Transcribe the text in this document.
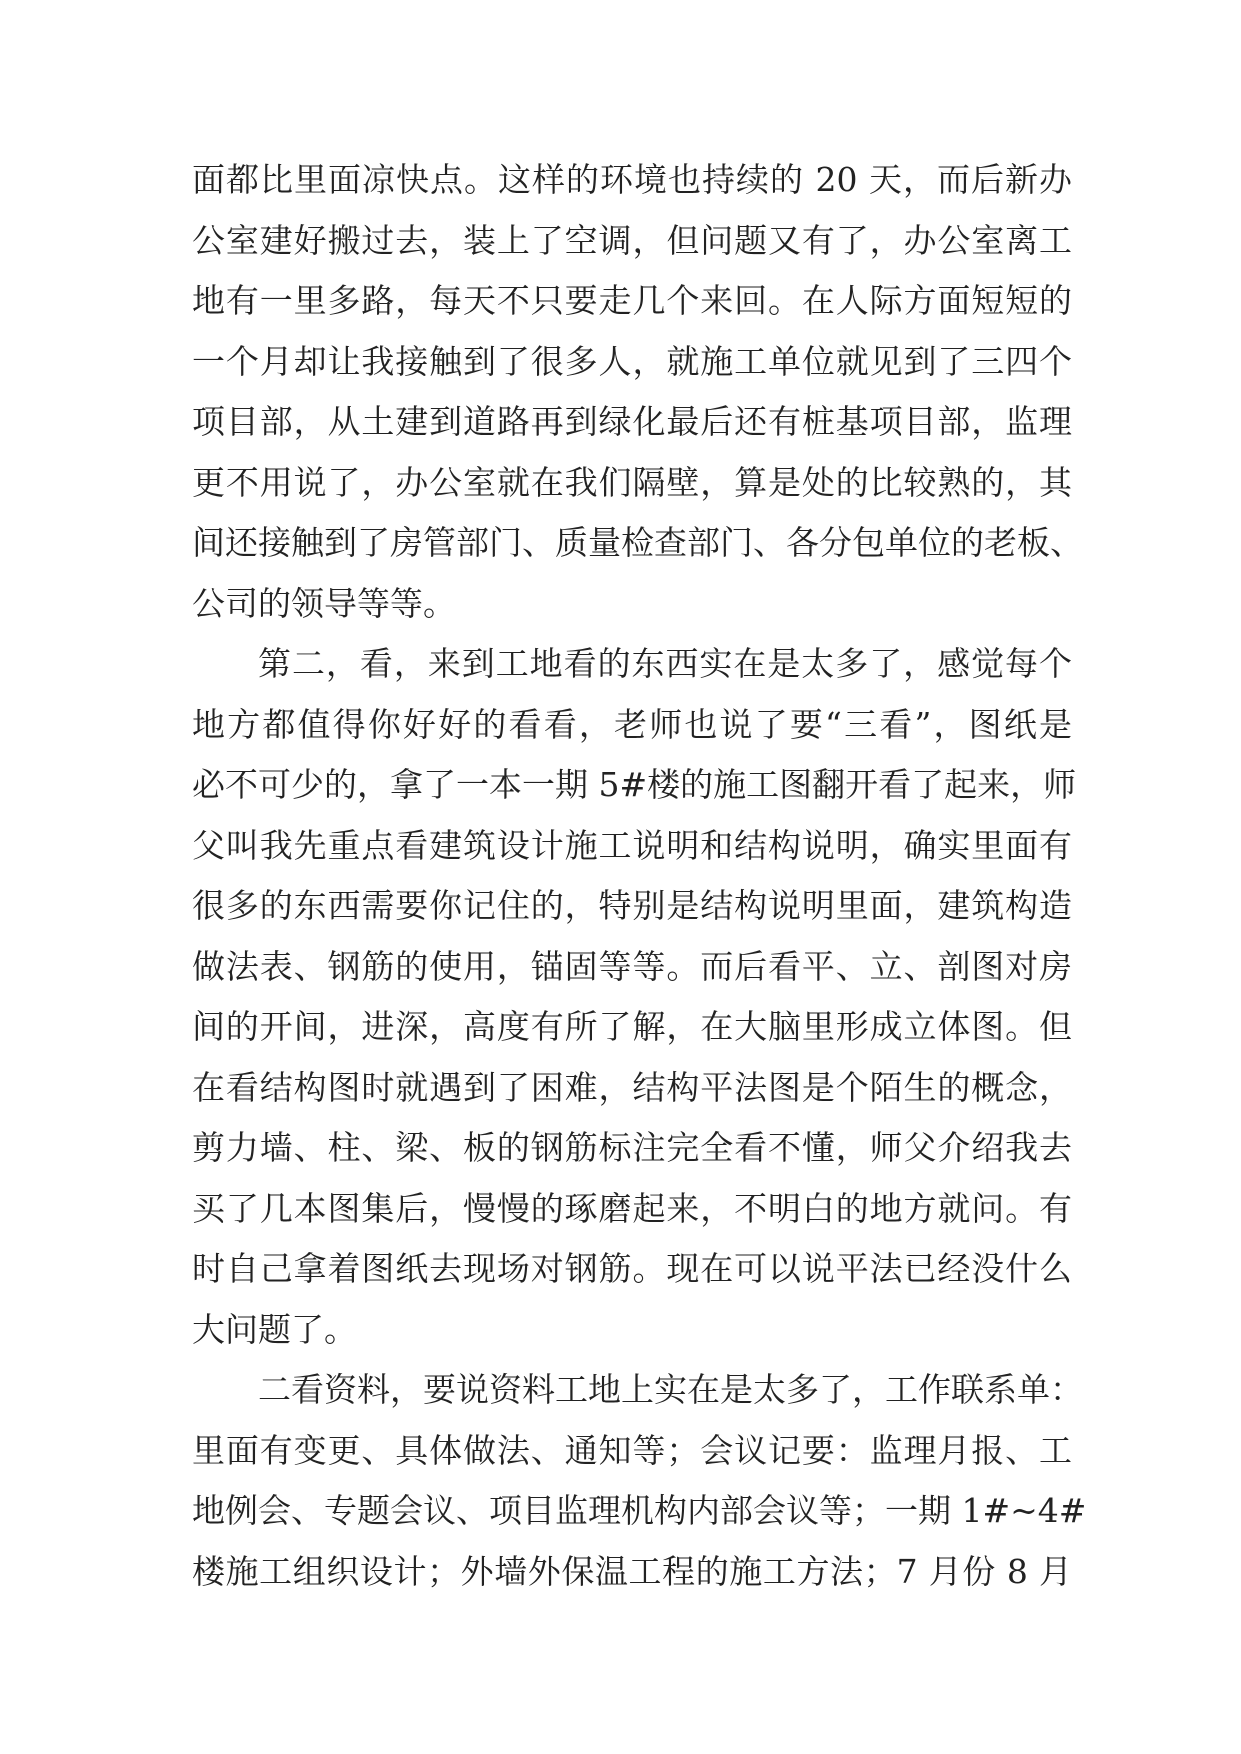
面都比里面凉快点。这样的环境也持续的 20 天，而后新办
公室建好搬过去，装上了空调，但问题又有了，办公室离工
地有一里多路，每天不只要走几个来回。在人际方面短短的
一个月却让我接触到了很多人，就施工单位就见到了三四个
项目部，从土建到道路再到绿化最后还有桩基项目部，监理
更不用说了，办公室就在我们隔壁，算是处的比较熟的，其
间还接触到了房管部门、质量检查部门、各分包单位的老板、
公司的领导等等。
第二，看，来到工地看的东西实在是太多了，感觉每个
地方都值得你好好的看看，老师也说了要“三看”，图纸是
必不可少的，拿了一本一期 5#楼的施工图翻开看了起来，师
父叫我先重点看建筑设计施工说明和结构说明，确实里面有
很多的东西需要你记住的，特别是结构说明里面，建筑构造
做法表、钢筋的使用，锚固等等。而后看平、立、剖图对房
间的开间，进深，高度有所了解，在大脑里形成立体图。但
在看结构图时就遇到了困难，结构平法图是个陌生的概念，
剪力墙、柱、梁、板的钢筋标注完全看不懂，师父介绍我去
买了几本图集后，慢慢的琢磨起来，不明白的地方就问。有
时自己拿着图纸去现场对钢筋。现在可以说平法已经没什么
大问题了。
二看资料，要说资料工地上实在是太多了，工作联系单：
里面有变更、具体做法、通知等；会议记要：监理月报、工
地例会、专题会议、项目监理机构内部会议等；一期 1#~4#
楼施工组织设计；外墙外保温工程的施工方法；7 月份 8 月
